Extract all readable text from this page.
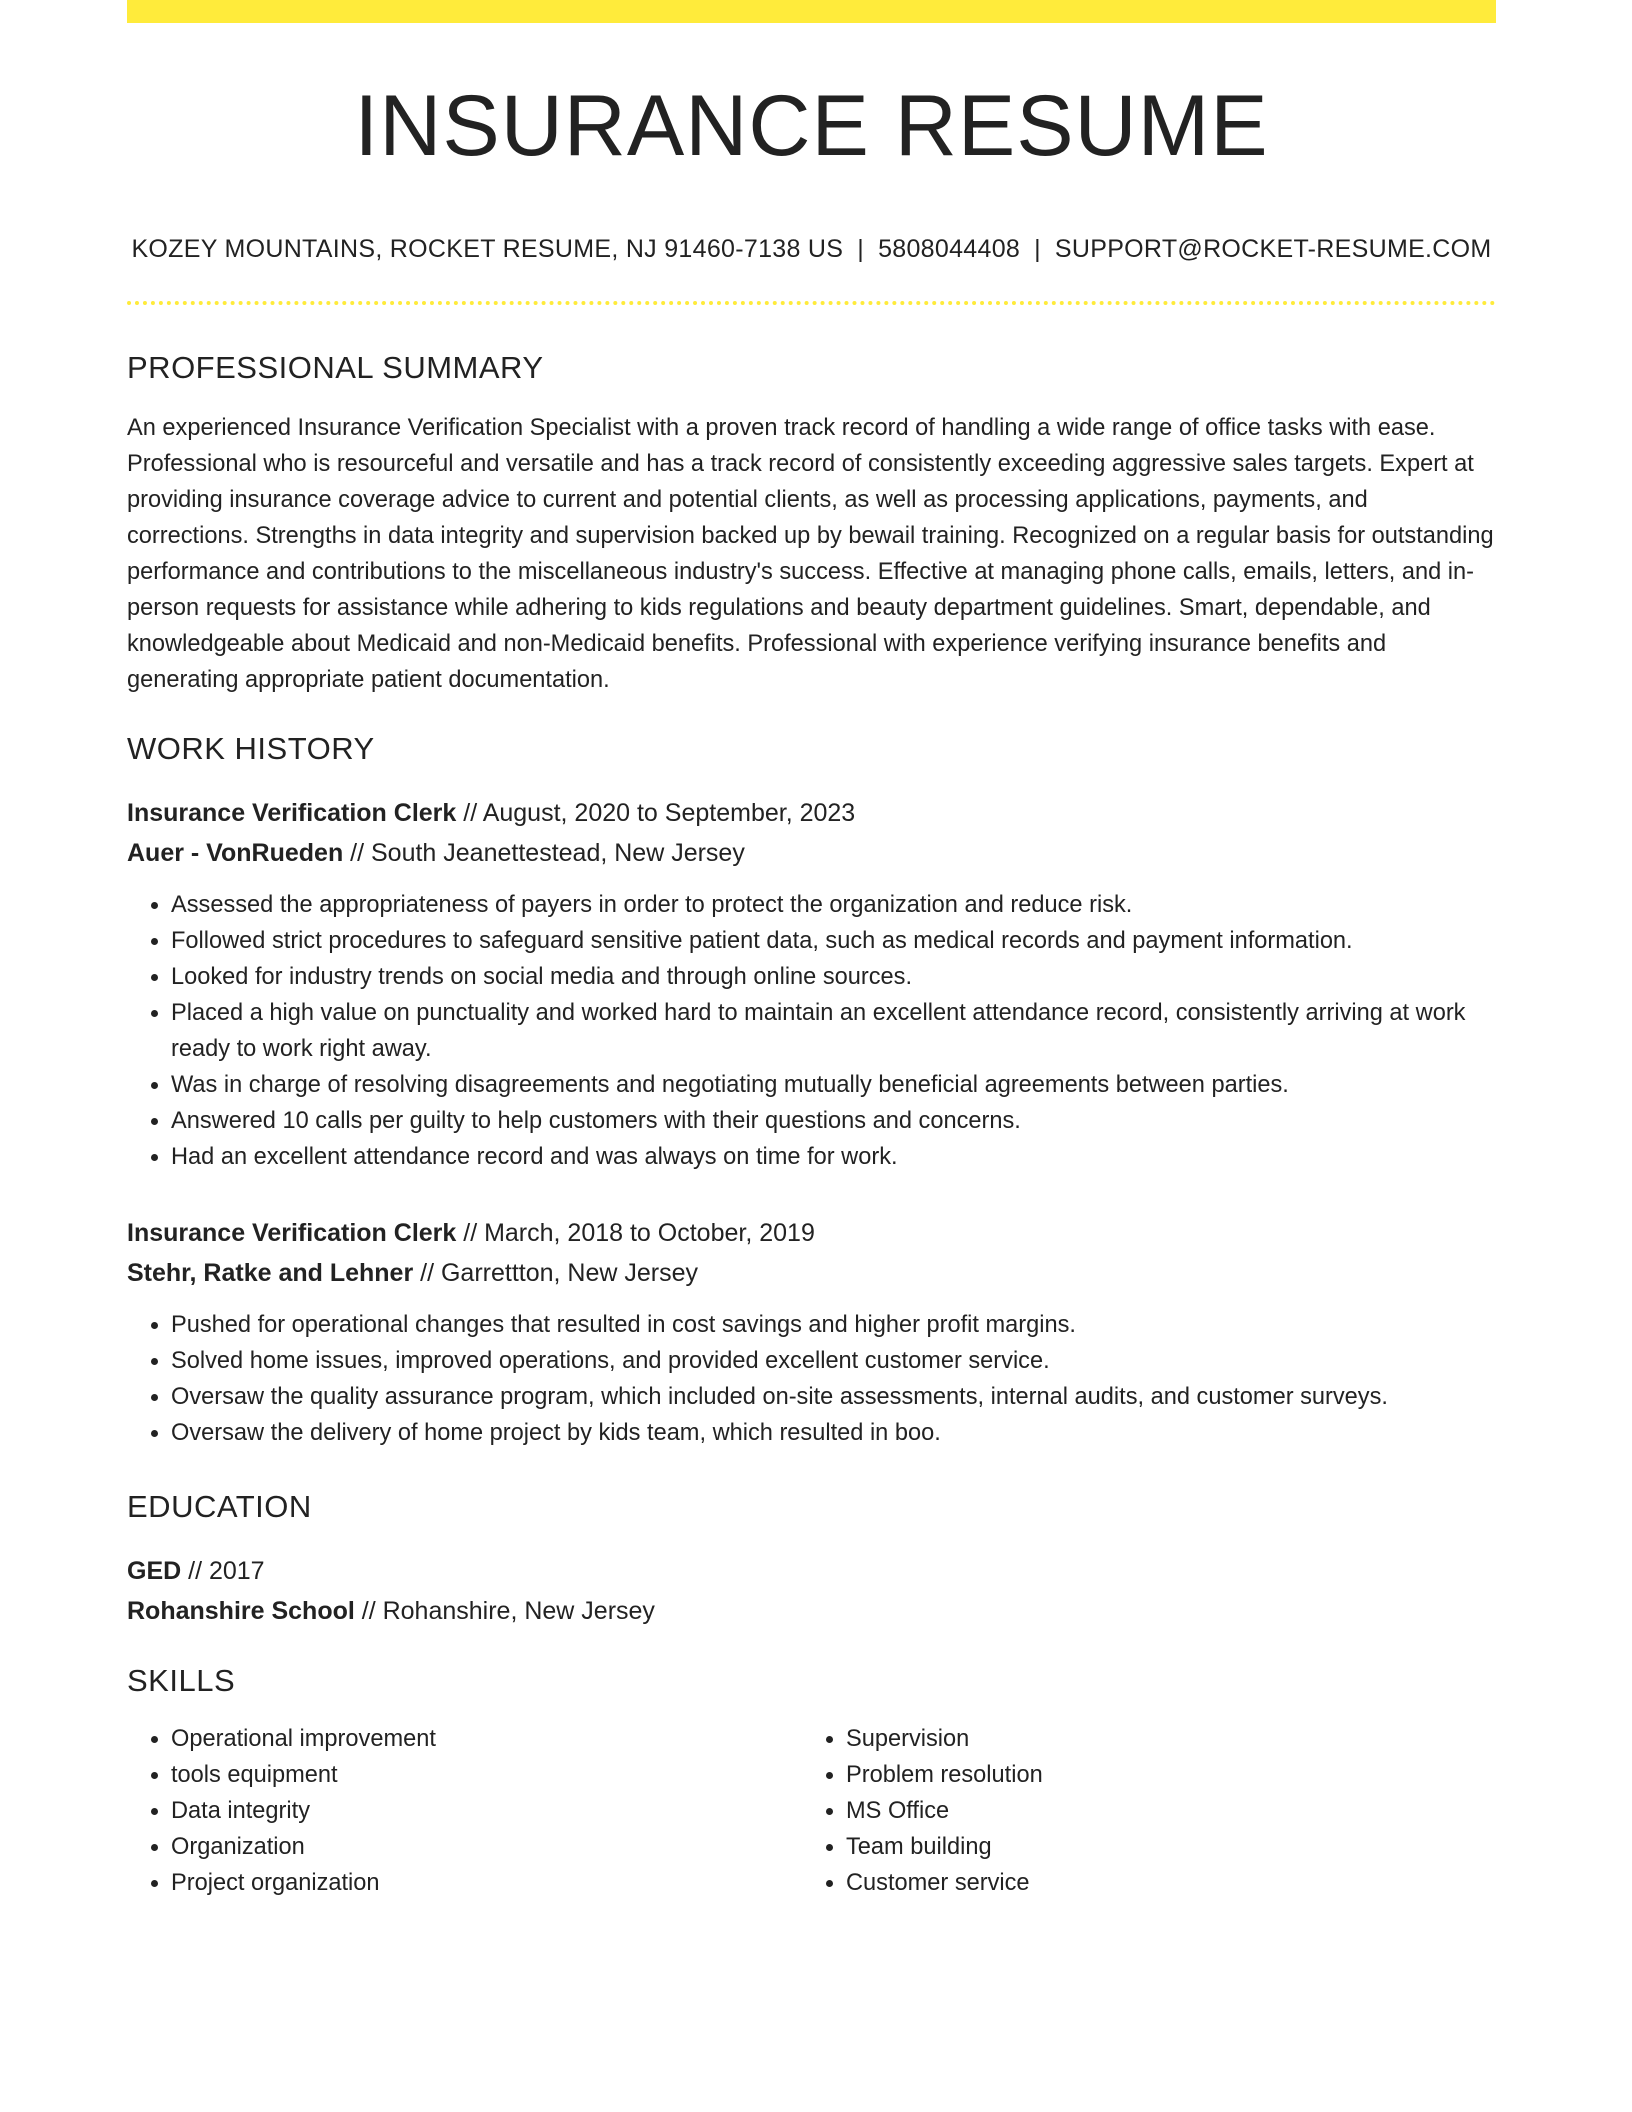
INSURANCE RESUME
KOZEY MOUNTAINS, ROCKET RESUME, NJ 91460-7138 US | 5808044408 | SUPPORT@ROCKET-RESUME.COM
PROFESSIONAL SUMMARY
An experienced Insurance Verification Specialist with a proven track record of handling a wide range of office tasks with ease. Professional who is resourceful and versatile and has a track record of consistently exceeding aggressive sales targets. Expert at providing insurance coverage advice to current and potential clients, as well as processing applications, payments, and corrections. Strengths in data integrity and supervision backed up by bewail training. Recognized on a regular basis for outstanding performance and contributions to the miscellaneous industry's success. Effective at managing phone calls, emails, letters, and in-person requests for assistance while adhering to kids regulations and beauty department guidelines. Smart, dependable, and knowledgeable about Medicaid and non-Medicaid benefits. Professional with experience verifying insurance benefits and generating appropriate patient documentation.
WORK HISTORY
Insurance Verification Clerk // August, 2020 to September, 2023
Auer - VonRueden // South Jeanettestead, New Jersey
• Assessed the appropriateness of payers in order to protect the organization and reduce risk.
• Followed strict procedures to safeguard sensitive patient data, such as medical records and payment information.
• Looked for industry trends on social media and through online sources.
• Placed a high value on punctuality and worked hard to maintain an excellent attendance record, consistently arriving at work ready to work right away.
• Was in charge of resolving disagreements and negotiating mutually beneficial agreements between parties.
• Answered 10 calls per guilty to help customers with their questions and concerns.
• Had an excellent attendance record and was always on time for work.
Insurance Verification Clerk // March, 2018 to October, 2019
Stehr, Ratke and Lehner // Garrettton, New Jersey
• Pushed for operational changes that resulted in cost savings and higher profit margins.
• Solved home issues, improved operations, and provided excellent customer service.
• Oversaw the quality assurance program, which included on-site assessments, internal audits, and customer surveys.
• Oversaw the delivery of home project by kids team, which resulted in boo.
EDUCATION
GED // 2017
Rohanshire School // Rohanshire, New Jersey
SKILLS
• Operational improvement
• tools equipment
• Data integrity
• Organization
• Project organization
• Supervision
• Problem resolution
• MS Office
• Team building
• Customer service
